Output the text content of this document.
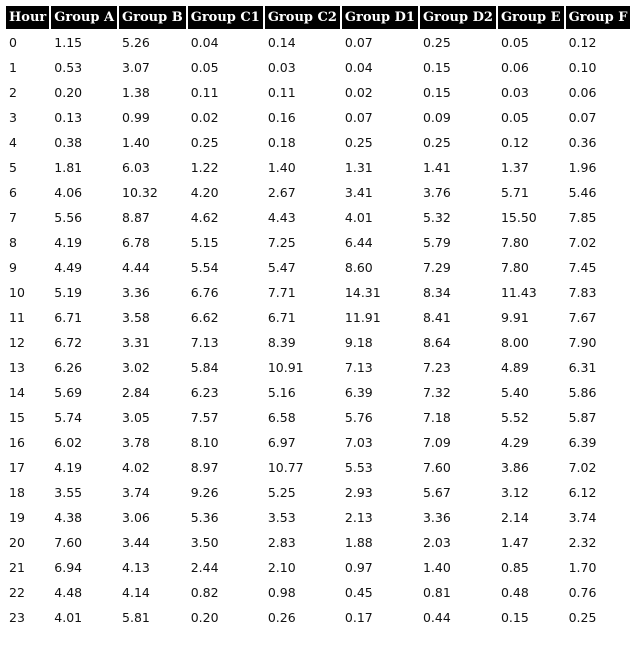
Hour	Group A	Group B	Group C1	Group C2	Group D1	Group D2	Group E	Group F
0	1.15	5.26	0.04	0.14	0.07	0.25	0.05	0.12
1	0.53	3.07	0.05	0.03	0.04	0.15	0.06	0.10
2	0.20	1.38	0.11	0.11	0.02	0.15	0.03	0.06
3	0.13	0.99	0.02	0.16	0.07	0.09	0.05	0.07
4	0.38	1.40	0.25	0.18	0.25	0.25	0.12	0.36
5	1.81	6.03	1.22	1.40	1.31	1.41	1.37	1.96
6	4.06	10.32	4.20	2.67	3.41	3.76	5.71	5.46
7	5.56	8.87	4.62	4.43	4.01	5.32	15.50	7.85
8	4.19	6.78	5.15	7.25	6.44	5.79	7.80	7.02
9	4.49	4.44	5.54	5.47	8.60	7.29	7.80	7.45
10	5.19	3.36	6.76	7.71	14.31	8.34	11.43	7.83
11	6.71	3.58	6.62	6.71	11.91	8.41	9.91	7.67
12	6.72	3.31	7.13	8.39	9.18	8.64	8.00	7.90
13	6.26	3.02	5.84	10.91	7.13	7.23	4.89	6.31
14	5.69	2.84	6.23	5.16	6.39	7.32	5.40	5.86
15	5.74	3.05	7.57	6.58	5.76	7.18	5.52	5.87
16	6.02	3.78	8.10	6.97	7.03	7.09	4.29	6.39
17	4.19	4.02	8.97	10.77	5.53	7.60	3.86	7.02
18	3.55	3.74	9.26	5.25	2.93	5.67	3.12	6.12
19	4.38	3.06	5.36	3.53	2.13	3.36	2.14	3.74
20	7.60	3.44	3.50	2.83	1.88	2.03	1.47	2.32
21	6.94	4.13	2.44	2.10	0.97	1.40	0.85	1.70
22	4.48	4.14	0.82	0.98	0.45	0.81	0.48	0.76
23	4.01	5.81	0.20	0.26	0.17	0.44	0.15	0.25
